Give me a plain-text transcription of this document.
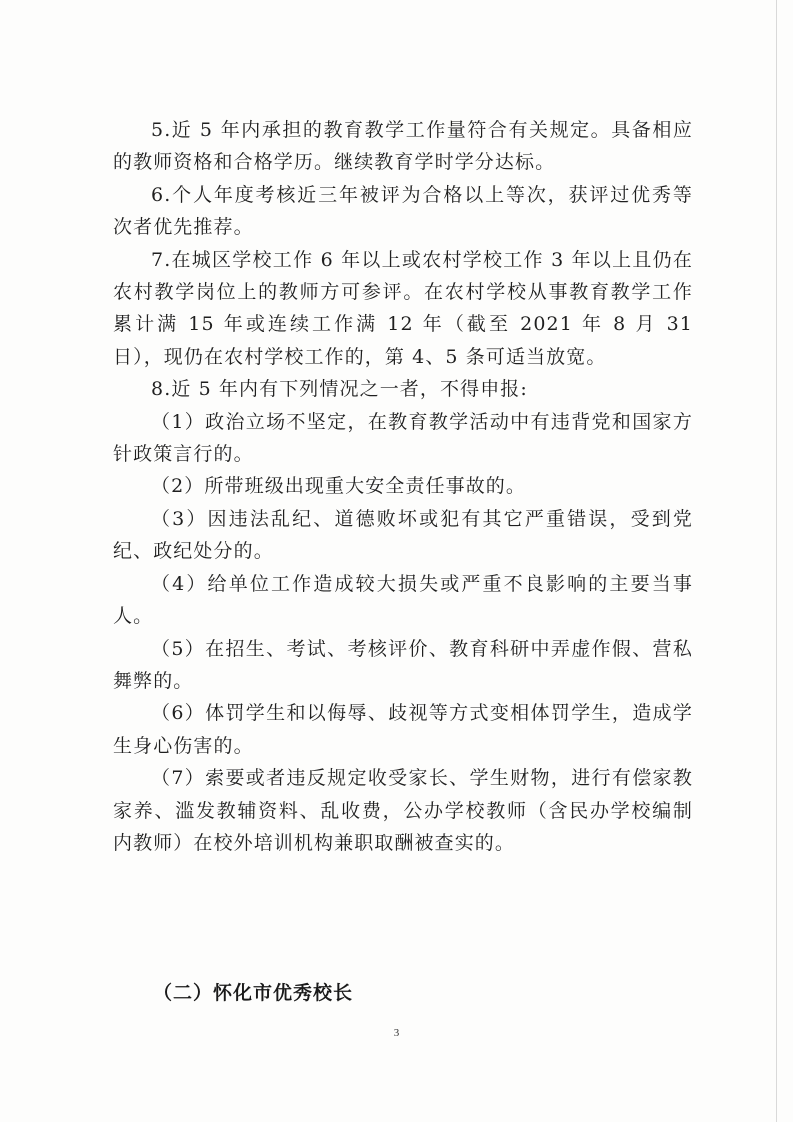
5.近 5 年内承担的教育教学工作量符合有关规定。具备相应的教师资格和合格学历。继续教育学时学分达标。

6.个人年度考核近三年被评为合格以上等次，获评过优秀等次者优先推荐。

7.在城区学校工作 6 年以上或农村学校工作 3 年以上且仍在农村教学岗位上的教师方可参评。在农村学校从事教育教学工作累计满 15 年或连续工作满 12 年（截至 2021 年 8 月 31 日），现仍在农村学校工作的，第 4、5 条可适当放宽。

8.近 5 年内有下列情况之一者，不得申报:

（1）政治立场不坚定，在教育教学活动中有违背党和国家方针政策言行的。

（2）所带班级出现重大安全责任事故的。

（3）因违法乱纪、道德败坏或犯有其它严重错误，受到党纪、政纪处分的。

（4）给单位工作造成较大损失或严重不良影响的主要当事人。

（5）在招生、考试、考核评价、教育科研中弄虚作假、营私舞弊的。

（6）体罚学生和以侮辱、歧视等方式变相体罚学生，造成学生身心伤害的。

（7）索要或者违反规定收受家长、学生财物，进行有偿家教家养、滥发教辅资料、乱收费，公办学校教师（含民办学校编制内教师）在校外培训机构兼职取酬被查实的。

（二）怀化市优秀校长
3
